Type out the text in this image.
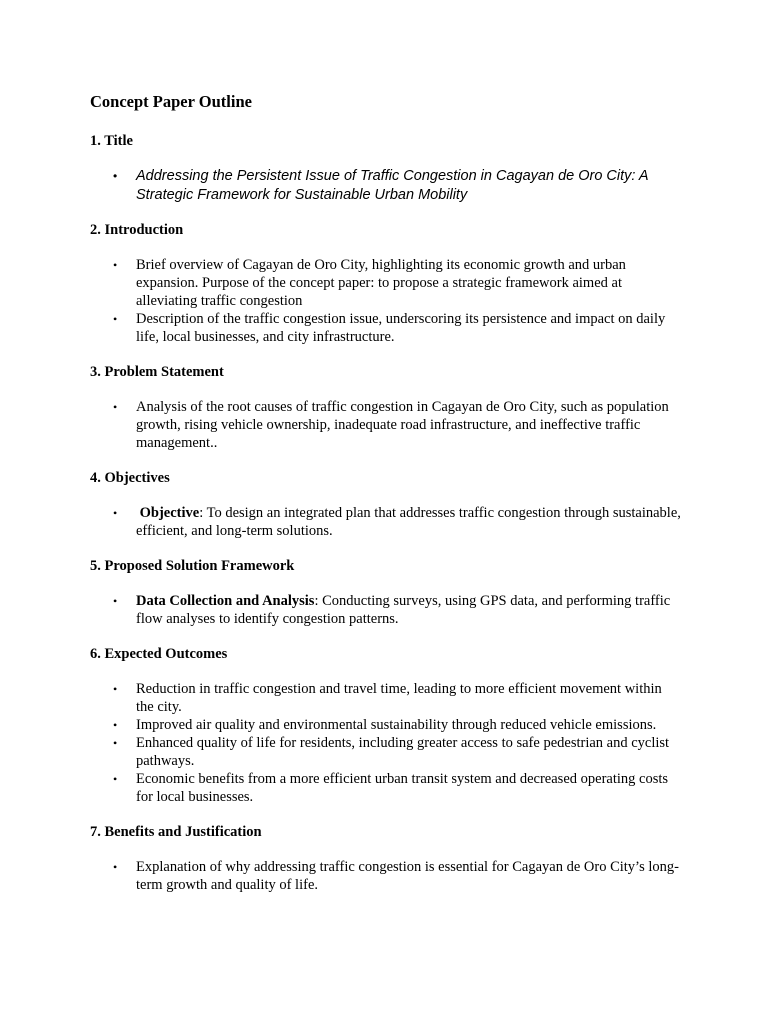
Concept Paper Outline
1. Title
• Addressing the Persistent Issue of Traffic Congestion in Cagayan de Oro City: A Strategic Framework for Sustainable Urban Mobility
2. Introduction
• Brief overview of Cagayan de Oro City, highlighting its economic growth and urban expansion. Purpose of the concept paper: to propose a strategic framework aimed at alleviating traffic congestion
• Description of the traffic congestion issue, underscoring its persistence and impact on daily life, local businesses, and city infrastructure.
3. Problem Statement
• Analysis of the root causes of traffic congestion in Cagayan de Oro City, such as population growth, rising vehicle ownership, inadequate road infrastructure, and ineffective traffic management..
4. Objectives
• Objective: To design an integrated plan that addresses traffic congestion through sustainable, efficient, and long-term solutions.
5. Proposed Solution Framework
• Data Collection and Analysis: Conducting surveys, using GPS data, and performing traffic flow analyses to identify congestion patterns.
6. Expected Outcomes
• Reduction in traffic congestion and travel time, leading to more efficient movement within the city.
• Improved air quality and environmental sustainability through reduced vehicle emissions.
• Enhanced quality of life for residents, including greater access to safe pedestrian and cyclist pathways.
• Economic benefits from a more efficient urban transit system and decreased operating costs for local businesses.
7. Benefits and Justification
• Explanation of why addressing traffic congestion is essential for Cagayan de Oro City’s long-term growth and quality of life.
